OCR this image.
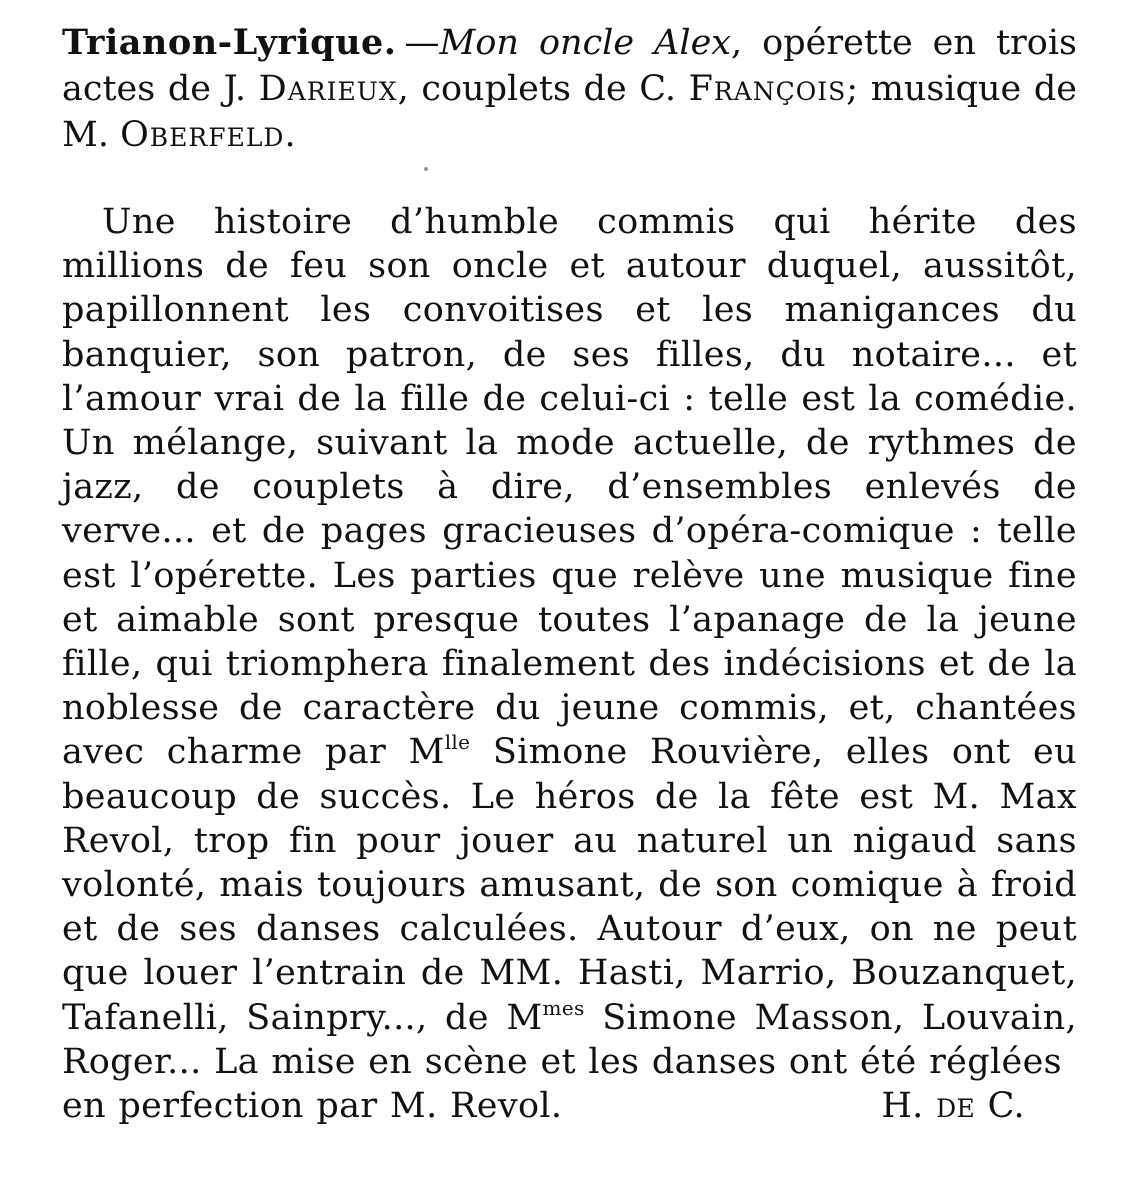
Trianon-Lyrique. —Mon oncle Alex, opérette en trois actes de J. Darieux, couplets de C. François; musique de M. Oberfeld.

Une histoire d’humble commis qui hérite des millions de feu son oncle et autour duquel, aussitôt, papillonnent les convoitises et les manigances du banquier, son patron, de ses filles, du notaire... et l’amour vrai de la fille de celui-ci : telle est la comédie. Un mélange, suivant la mode actuelle, de rythmes de jazz, de couplets à dire, d’ensembles enlevés de verve... et de pages gracieuses d’opéra-comique : telle est l’opérette. Les parties que relève une musique fine et aimable sont presque toutes l’apanage de la jeune fille, qui triomphera finalement des indécisions et de la noblesse de caractère du jeune commis, et, chantées avec charme par $M^{lle}$ Simone Rouvière, elles ont eu beaucoup de succès. Le héros de la fête est M. Max Revol, trop fin pour jouer au naturel un nigaud sans volonté, mais toujours amusant, de son comique à froid et de ses danses calculées. Autour d’eux, on ne peut que louer l’entrain de MM. Hasti, Marrio, Bouzanquet, Tafanelli, Sainpry..., de $M^{mes}$ Simone Masson, Louvain, Roger... La mise en scène et les danses ont été réglées
en perfection par M. Revol.	H. de C.
